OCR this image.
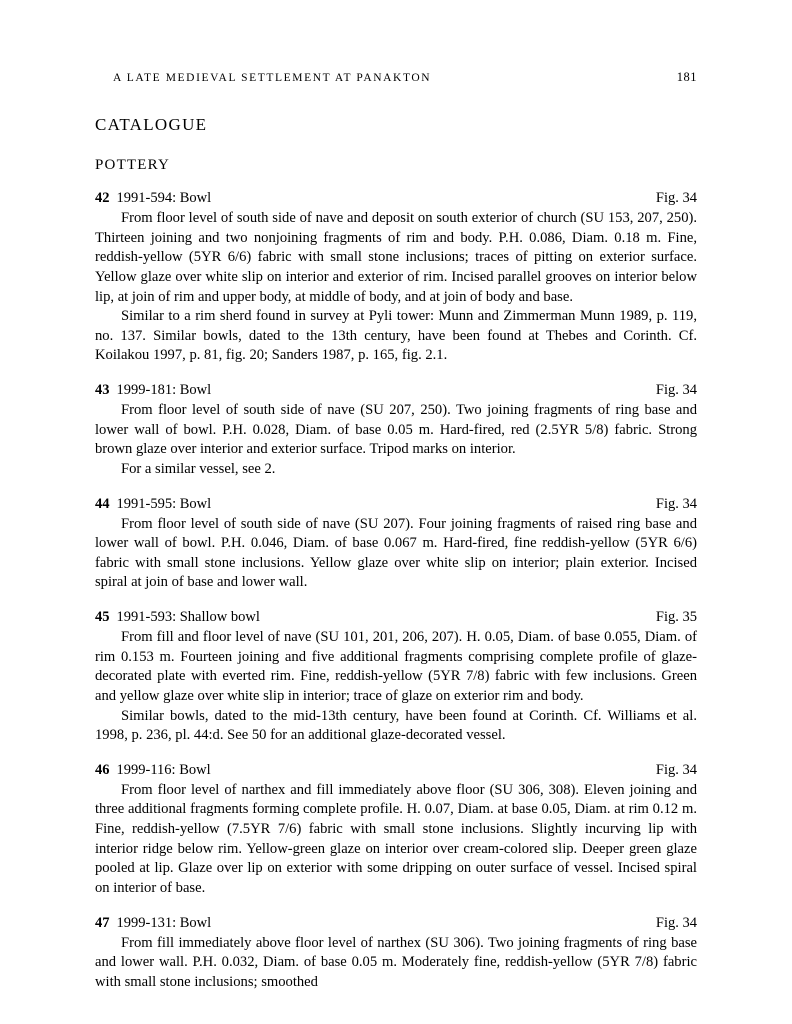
A LATE MEDIEVAL SETTLEMENT AT PANAKTON	181
CATALOGUE
POTTERY
42 1991-594: Bowl	Fig. 34

From floor level of south side of nave and deposit on south exterior of church (SU 153, 207, 250). Thirteen joining and two nonjoining fragments of rim and body. P.H. 0.086, Diam. 0.18 m. Fine, reddish-yellow (5YR 6/6) fabric with small stone inclusions; traces of pitting on exterior surface. Yellow glaze over white slip on interior and exterior of rim. Incised parallel grooves on interior below lip, at join of rim and upper body, at middle of body, and at join of body and base.

Similar to a rim sherd found in survey at Pyli tower: Munn and Zimmerman Munn 1989, p. 119, no. 137. Similar bowls, dated to the 13th century, have been found at Thebes and Corinth. Cf. Koilakou 1997, p. 81, fig. 20; Sanders 1987, p. 165, fig. 2.1.

43 1999-181: Bowl	Fig. 34

From floor level of south side of nave (SU 207, 250). Two joining fragments of ring base and lower wall of bowl. P.H. 0.028, Diam. of base 0.05 m. Hard-fired, red (2.5YR 5/8) fabric. Strong brown glaze over interior and exterior surface. Tripod marks on interior.

For a similar vessel, see 2.

44 1991-595: Bowl	Fig. 34

From floor level of south side of nave (SU 207). Four joining fragments of raised ring base and lower wall of bowl. P.H. 0.046, Diam. of base 0.067 m. Hard-fired, fine reddish-yellow (5YR 6/6) fabric with small stone inclusions. Yellow glaze over white slip on interior; plain exterior. Incised spiral at join of base and lower wall.

45 1991-593: Shallow bowl	Fig. 35

From fill and floor level of nave (SU 101, 201, 206, 207). H. 0.05, Diam. of base 0.055, Diam. of rim 0.153 m. Fourteen joining and five additional fragments comprising complete profile of glaze-decorated plate with everted rim. Fine, reddish-yellow (5YR 7/8) fabric with few inclusions. Green and yellow glaze over white slip in interior; trace of glaze on exterior rim and body.

Similar bowls, dated to the mid-13th century, have been found at Corinth. Cf. Williams et al. 1998, p. 236, pl. 44:d. See 50 for an additional glaze-decorated vessel.

46 1999-116: Bowl	Fig. 34

From floor level of narthex and fill immediately above floor (SU 306, 308). Eleven joining and three additional fragments forming complete profile. H. 0.07, Diam. at base 0.05, Diam. at rim 0.12 m. Fine, reddish-yellow (7.5YR 7/6) fabric with small stone inclusions. Slightly incurving lip with interior ridge below rim. Yellow-green glaze on interior over cream-colored slip. Deeper green glaze pooled at lip. Glaze over lip on exterior with some dripping on outer surface of vessel. Incised spiral on interior of base.

47 1999-131: Bowl	Fig. 34

From fill immediately above floor level of narthex (SU 306). Two joining fragments of ring base and lower wall. P.H. 0.032, Diam. of base 0.05 m. Moderately fine, reddish-yellow (5YR 7/8) fabric with small stone inclusions; smoothed
